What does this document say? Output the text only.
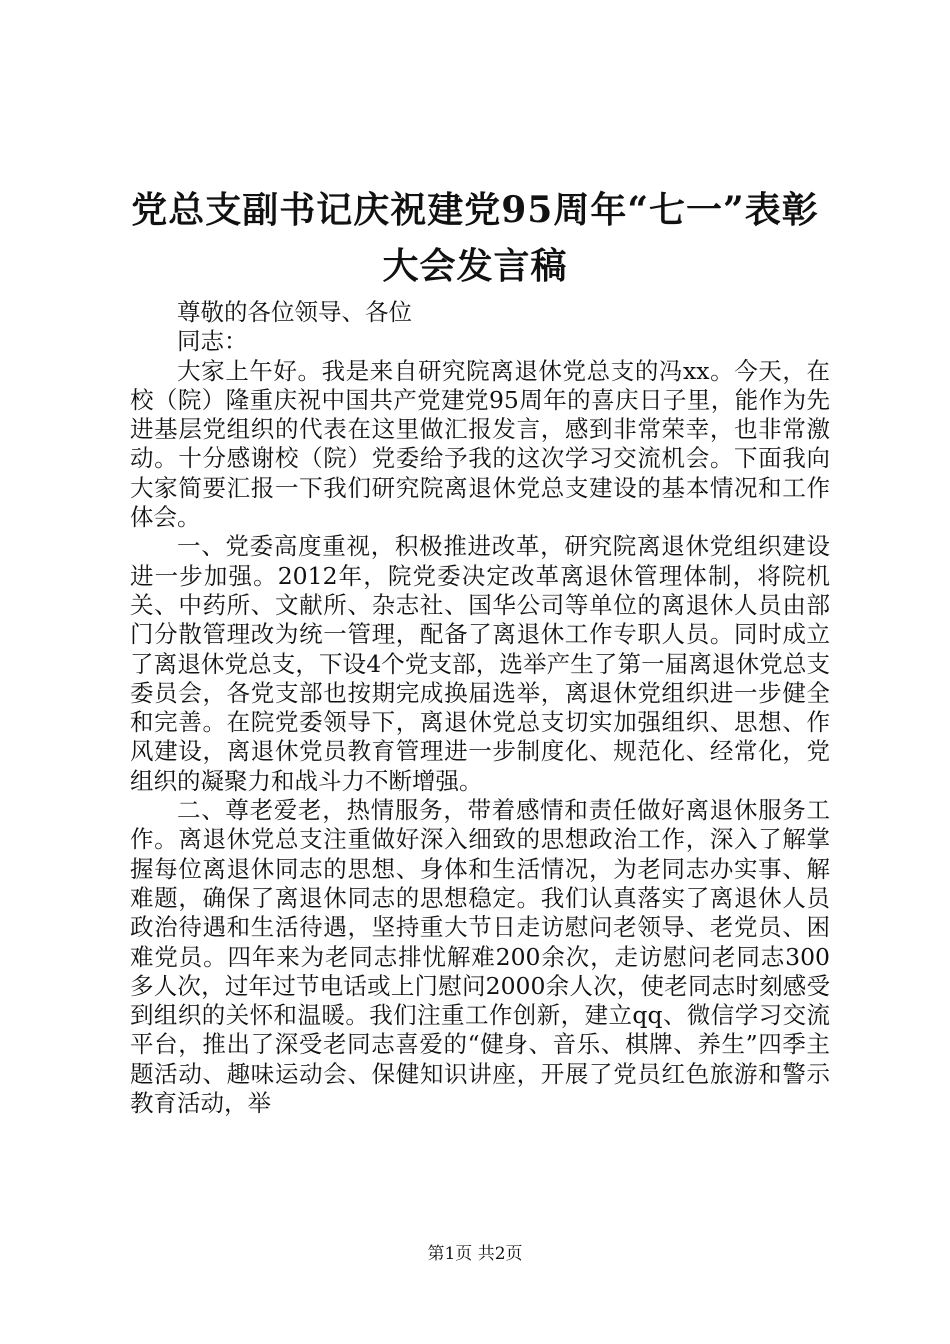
党总支副书记庆祝建党95周年“七一”表彰
大会发言稿

尊敬的各位领导、各位

同志：

大家上午好。我是来自研究院离退休党总支的冯xx。今天，在校（院）隆重庆祝中国共产党建党95周年的喜庆日子里，能作为先进基层党组织的代表在这里做汇报发言，感到非常荣幸，也非常激动。十分感谢校（院）党委给予我的这次学习交流机会。下面我向大家简要汇报一下我们研究院离退休党总支建设的基本情况和工作体会。

一、党委高度重视，积极推进改革，研究院离退休党组织建设进一步加强。2012年，院党委决定改革离退休管理体制，将院机关、中药所、文献所、杂志社、国华公司等单位的离退休人员由部门分散管理改为统一管理，配备了离退休工作专职人员。同时成立了离退休党总支，下设4个党支部，选举产生了第一届离退休党总支委员会，各党支部也按期完成换届选举，离退休党组织进一步健全和完善。在院党委领导下，离退休党总支切实加强组织、思想、作风建设，离退休党员教育管理进一步制度化、规范化、经常化，党组织的凝聚力和战斗力不断增强。

二、尊老爱老，热情服务，带着感情和责任做好离退休服务工作。离退休党总支注重做好深入细致的思想政治工作，深入了解掌握每位离退休同志的思想、身体和生活情况，为老同志办实事、解难题，确保了离退休同志的思想稳定。我们认真落实了离退休人员政治待遇和生活待遇，坚持重大节日走访慰问老领导、老党员、困难党员。四年来为老同志排忧解难200余次，走访慰问老同志300多人次，过年过节电话或上门慰问2000余人次，使老同志时刻感受到组织的关怀和温暖。我们注重工作创新，建立qq、微信学习交流平台，推出了深受老同志喜爱的“健身、音乐、棋牌、养生”四季主题活动、趣味运动会、保健知识讲座，开展了党员红色旅游和警示教育活动，举

第1页 共2页
